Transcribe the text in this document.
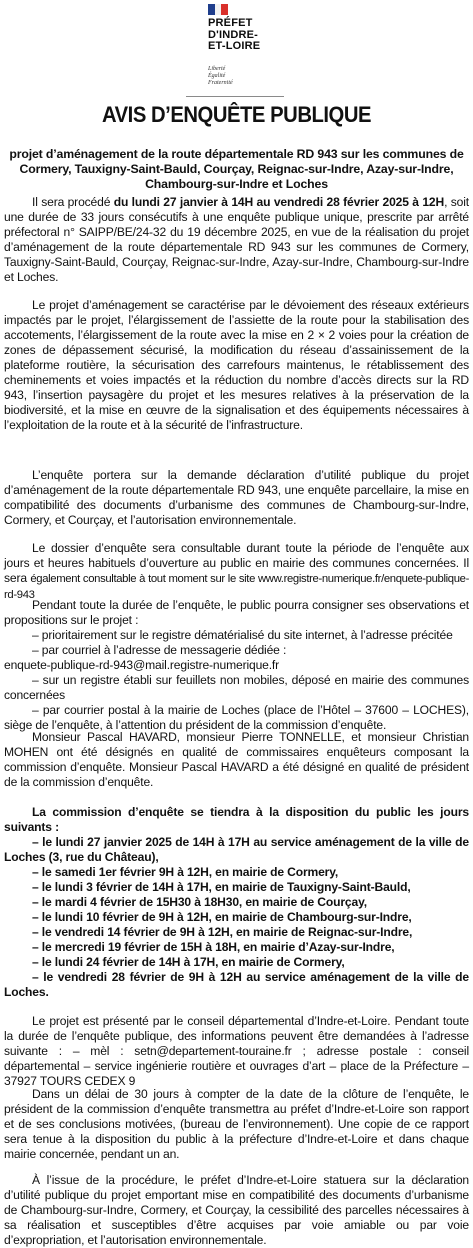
PRÉFET
D'INDRE-
ET-LOIRE
Liberté
Égalité
Fraternité
AVIS D’ENQUÊTE PUBLIQUE
projet d’aménagement de la route départementale RD 943 sur les communes de Cormery, Tauxigny-Saint-Bauld, Courçay, Reignac-sur-Indre, Azay-sur-Indre, Chambourg-sur-Indre et Loches
Il sera procédé du lundi 27 janvier à 14H au vendredi 28 février 2025 à 12H, soit une durée de 33 jours consécutifs à une enquête publique unique, prescrite par arrêté préfectoral n° SAIPP/BE/24-32 du 19 décembre 2025, en vue de la réalisation du projet d’aménagement de la route départementale RD 943 sur les communes de Cormery, Tauxigny-Saint-Bauld, Courçay, Reignac-sur-Indre, Azay-sur-Indre, Chambourg-sur-Indre et Loches.
Le projet d’aménagement se caractérise par le dévoiement des réseaux extérieurs impactés par le projet, l’élargissement de l’assiette de la route pour la stabilisation des accotements, l’élargissement de la route avec la mise en 2 × 2 voies pour la création de zones de dépassement sécurisé, la modification du réseau d’assainissement de la plateforme routière, la sécurisation des carrefours maintenus, le rétablissement des cheminements et voies impactés et la réduction du nombre d’accès directs sur la RD 943, l’insertion paysagère du projet et les mesures relatives à la préservation de la biodiversité, et la mise en œuvre de la signalisation et des équipements nécessaires à l’exploitation de la route et à la sécurité de l’infrastructure.
L’enquête portera sur la demande déclaration d’utilité publique du projet d’aménagement de la route départementale RD 943, une enquête parcellaire, la mise en compatibilité des documents d’urbanisme des communes de Chambourg-sur-Indre, Cormery, et Courçay, et l’autorisation environnementale.
Le dossier d’enquête sera consultable durant toute la période de l’enquête aux jours et heures habituels d’ouverture au public en mairie des communes concernées. Il sera également consultable à tout moment sur le site www.registre-numerique.fr/enquete-publique-rd-943
Pendant toute la durée de l’enquête, le public pourra consigner ses observations et propositions sur le projet :
– prioritairement sur le registre dématérialisé du site internet, à l’adresse précitée
– par courriel à l’adresse de messagerie dédiée :
enquete-publique-rd-943@mail.registre-numerique.fr
– sur un registre établi sur feuillets non mobiles, déposé en mairie des communes concernées
– par courrier postal à la mairie de Loches (place de l’Hôtel – 37600 – LOCHES), siège de l’enquête, à l’attention du président de la commission d’enquête.
Monsieur Pascal HAVARD, monsieur Pierre TONNELLE, et monsieur Christian MOHEN ont été désignés en qualité de commissaires enquêteurs composant la commission d’enquête. Monsieur Pascal HAVARD a été désigné en qualité de président de la commission d’enquête.
La commission d’enquête se tiendra à la disposition du public les jours suivants :
– le lundi 27 janvier 2025 de 14H à 17H au service aménagement de la ville de Loches (3, rue du Château),
– le samedi 1er février 9H à 12H, en mairie de Cormery,
– le lundi 3 février de 14H à 17H, en mairie de Tauxigny-Saint-Bauld,
– le mardi 4 février de 15H30 à 18H30, en mairie de Courçay,
– le lundi 10 février de 9H à 12H, en mairie de Chambourg-sur-Indre,
– le vendredi 14 février de 9H à 12H, en mairie de Reignac-sur-Indre,
– le mercredi 19 février de 15H à 18H, en mairie d’Azay-sur-Indre,
– le lundi 24 février de 14H à 17H, en mairie de Cormery,
– le vendredi 28 février de 9H à 12H au service aménagement de la ville de Loches.
Le projet est présenté par le conseil départemental d’Indre-et-Loire. Pendant toute la durée de l’enquête publique, des informations peuvent être demandées à l’adresse suivante : – mèl : setn@departement-touraine.fr ; adresse postale : conseil départemental – service ingénierie routière et ouvrages d’art – place de la Préfecture – 37927 TOURS CEDEX 9
Dans un délai de 30 jours à compter de la date de la clôture de l’enquête, le président de la commission d’enquête transmettra au préfet d’Indre-et-Loire son rapport et de ses conclusions motivées, (bureau de l’environnement). Une copie de ce rapport sera tenue à la disposition du public à la préfecture d’Indre-et-Loire et dans chaque mairie concernée, pendant un an.
À l’issue de la procédure, le préfet d’Indre-et-Loire statuera sur la déclaration d’utilité publique du projet emportant mise en compatibilité des documents d’urbanisme de Chambourg-sur-Indre, Cormery, et Courçay, la cessibilité des parcelles nécessaires à sa réalisation et susceptibles d’être acquises par voie amiable ou par voie d’expropriation, et l’autorisation environnementale.
